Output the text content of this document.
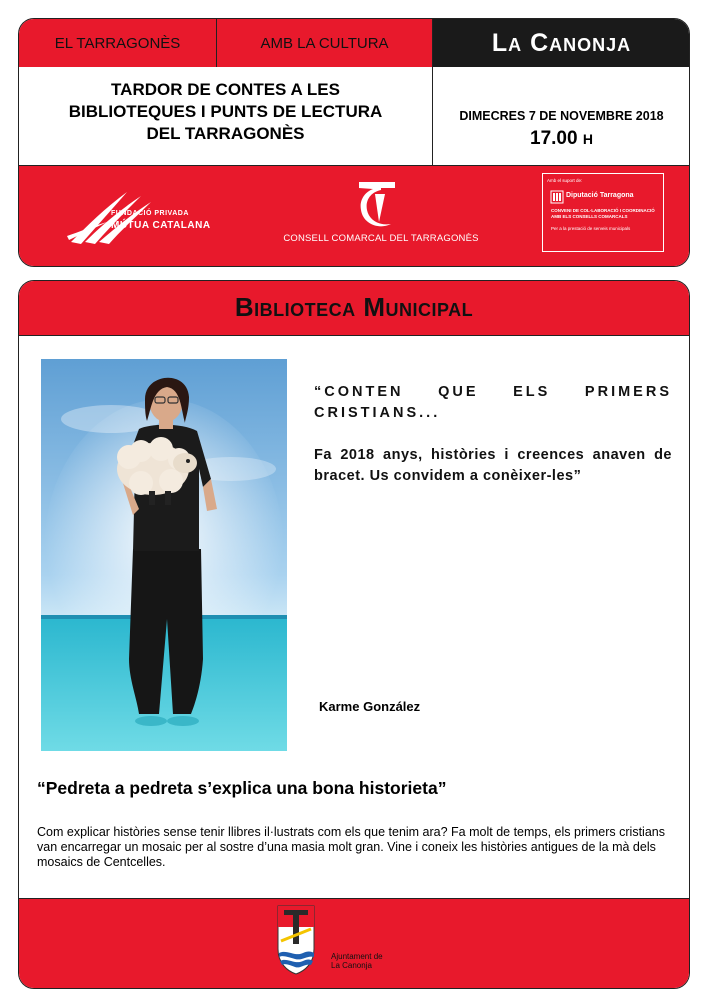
EL TARRAGONÈS	AMB LA CULTURA
TARDOR DE CONTES A LES
BIBLIOTEQUES I PUNTS DE LECTURA
DEL TARRAGONÈS
La Canonja
DIMECRES 7 DE NOVEMBRE 2018
17.00 H
FUNDACIÓ PRIVADA
MÚTUA CATALANA
CONSELL COMARCAL DEL TARRAGONÈS
Amb el suport de:
Diputació Tarragona
CONVENI DE COL·LABORACIÓ I COORDINACIÓ AMB ELS CONSELLS COMARCALS
Per a la prestació de serveis municipals
Biblioteca Municipal
“CONTEN QUE ELS PRIMERS CRISTIANS...
Fa 2018 anys, històries i creences anaven de bracet. Us convidem a conèixer-les”
Karme González
“Pedreta a pedreta s’explica una bona historieta”
Com explicar històries sense tenir llibres il·lustrats com els que tenim ara? Fa molt de temps, els primers cristians van encarregar un mosaic per al sostre d’una masia molt gran. Vine i coneix les històries antigues de la mà dels mosaics de Centcelles.
Ajuntament de
La Canonja
